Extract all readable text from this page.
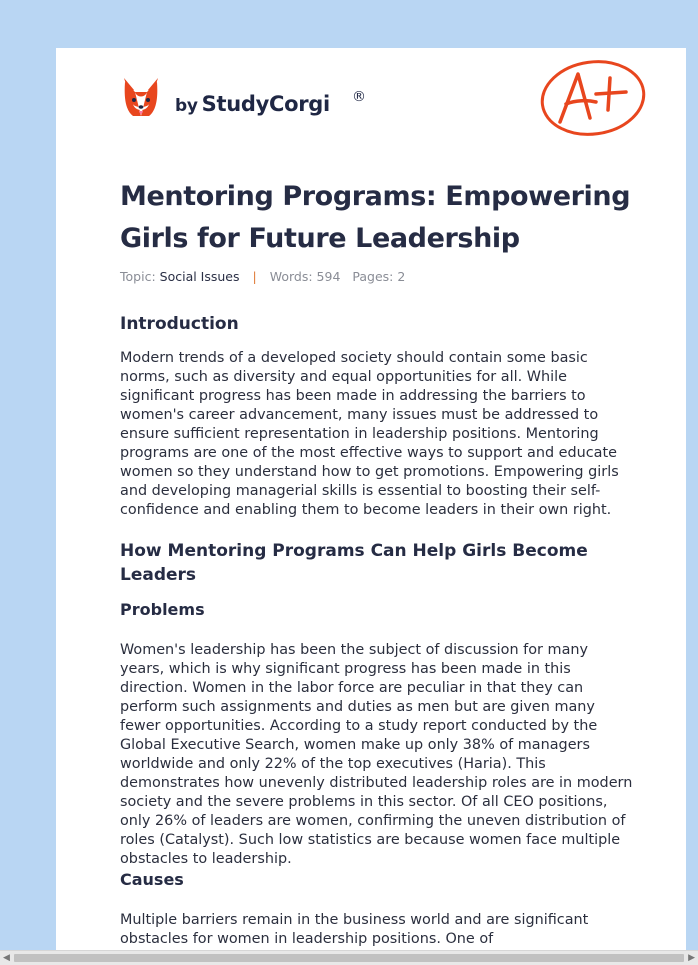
by StudyCorgi ®
Mentoring Programs: Empowering Girls for Future Leadership
Topic: Social Issues | Words: 594 Pages: 2
Introduction

Modern trends of a developed society should contain some basic norms, such as diversity and equal opportunities for all. While significant progress has been made in addressing the barriers to women's career advancement, many issues must be addressed to ensure sufficient representation in leadership positions. Mentoring programs are one of the most effective ways to support and educate women so they understand how to get promotions. Empowering girls and developing managerial skills is essential to boosting their self-confidence and enabling them to become leaders in their own right.

How Mentoring Programs Can Help Girls Become Leaders
Problems

Women's leadership has been the subject of discussion for many years, which is why significant progress has been made in this direction. Women in the labor force are peculiar in that they can perform such assignments and duties as men but are given many fewer opportunities. According to a study report conducted by the Global Executive Search, women make up only 38% of managers worldwide and only 22% of the top executives (Haria). This demonstrates how unevenly distributed leadership roles are in modern society and the severe problems in this sector. Of all CEO positions, only 26% of leaders are women, confirming the uneven distribution of roles (Catalyst). Such low statistics are because women face multiple obstacles to leadership.

Causes

Multiple barriers remain in the business world and are significant obstacles for women in leadership positions. One of

◀	▶
